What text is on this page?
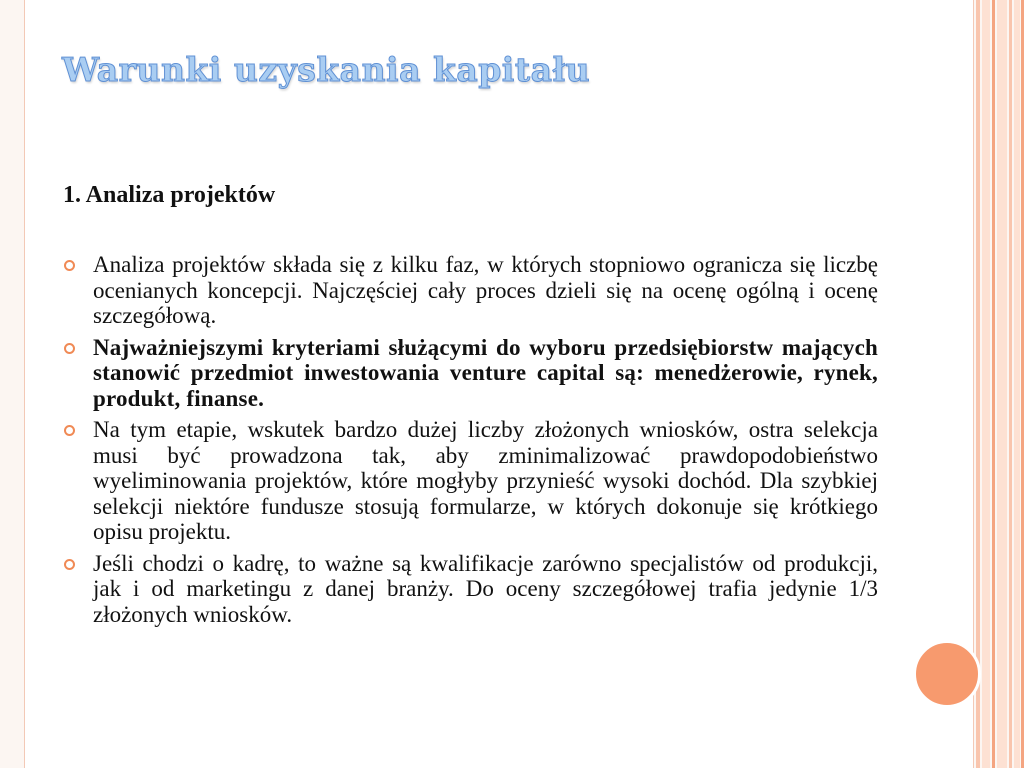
Warunki uzyskania kapitału
1. Analiza projektów
Analiza projektów składa się z kilku faz, w których stopniowo ogranicza się liczbę ocenianych koncepcji. Najczęściej cały proces dzieli się na ocenę ogólną i ocenę szczegółową.
Najważniejszymi kryteriami służącymi do wyboru przedsiębiorstw mających stanowić przedmiot inwestowania venture capital są: menedżerowie, rynek, produkt, finanse.
Na tym etapie, wskutek bardzo dużej liczby złożonych wniosków, ostra selekcja musi być prowadzona tak, aby zminimalizować prawdopodobieństwo wyeliminowania projektów, które mogłyby przynieść wysoki dochód. Dla szybkiej selekcji niektóre fundusze stosują formularze, w których dokonuje się krótkiego opisu projektu.
Jeśli chodzi o kadrę, to ważne są kwalifikacje zarówno specjalistów od produkcji, jak i od marketingu z danej branży. Do oceny szczegółowej trafia jedynie 1/3 złożonych wniosków.
